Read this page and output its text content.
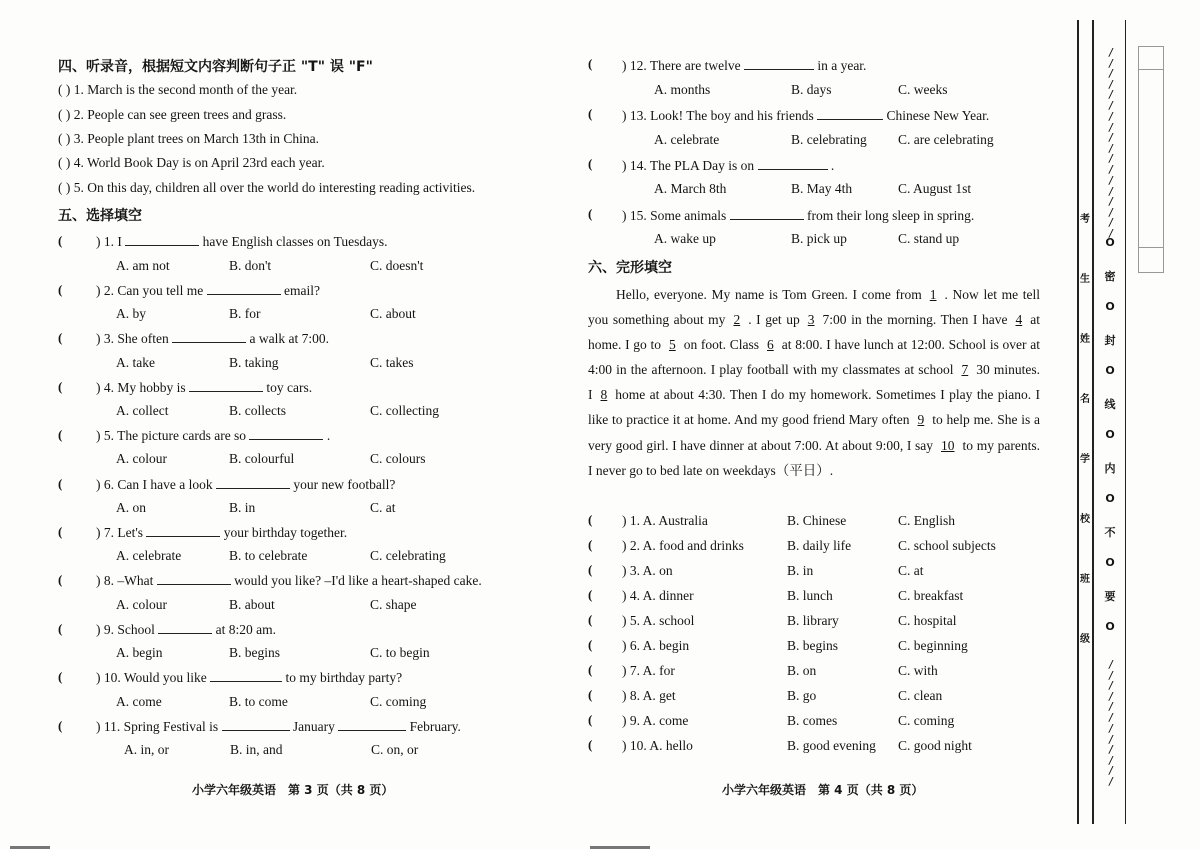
四、听录音，根据短文内容判断句子正 "T" 误 "F"
( ) 1. March is the second month of the year.
( ) 2. People can see green trees and grass.
( ) 3. People plant trees on March 13th in China.
( ) 4. World Book Day is on April 23rd each year.
( ) 5. On this day, children all over the world do interesting reading activities.
五、选择填空
( ) 1. I	have English classes on Tuesdays.
A. am not	B. don't	C. doesn't
( ) 2. Can you tell me	email?
A. by	B. for	C. about
( ) 3. She often	a walk at 7:00.
A. take	B. taking	C. takes
( ) 4. My hobby is	toy cars.
A. collect	B. collects	C. collecting
( ) 5. The picture cards are so	.
A. colour	B. colourful	C. colours
( ) 6. Can I have a look	your new football?
A. on	B. in	C. at
( ) 7. Let's	your birthday together.
A. celebrate	B. to celebrate	C. celebrating
( ) 8. –What	would you like? –I'd like a heart-shaped cake.
A. colour	B. about	C. shape
( ) 9. School	at 8:20 am.
A. begin	B. begins	C. to begin
( ) 10. Would you like	to my birthday party?
A. come	B. to come	C. coming
( ) 11. Spring Festival is	January	February.
A. in, or	B. in, and	C. on, or
小学六年级英语　第 3 页（共 8 页）
( ) 12. There are twelve	in a year.
A. months	B. days	C. weeks
( ) 13. Look! The boy and his friends	Chinese New Year.
A. celebrate	B. celebrating C. are celebrating
( ) 14. The PLA Day is on	.
A. March 8th	B. May 4th	C. August 1st
( ) 15. Some animals	from their long sleep in spring.
A. wake up	B. pick up	C. stand up
六、完形填空

Hello, everyone. My name is Tom Green. I come from 1 . Now let me tell you something about my 2 . I get up 3 7:00 in the morning. Then I have 4 at home. I go to 5 on foot. Class 6 at 8:00. I have lunch at 12:00. School is over at 4:00 in the afternoon. I play football with my classmates at school 7 30 minutes. I 8 home at about 4:30. Then I do my homework. Sometimes I play the piano. I like to practice it at home. And my good friend Mary often 9 to help me. She is a very good girl. I have dinner at about 7:00. At about 9:00, I say 10 to my parents. I never go to bed late on weekdays（平日）.

( ) 1. A. Australia	B. Chinese	C. English
( ) 2. A. food and drinks	B. daily life	C. school subjects
( ) 3. A. on	B. in	C. at
( ) 4. A. dinner	B. lunch	C. breakfast
( ) 5. A. school	B. library	C. hospital
( ) 6. A. begin	B. begins	C. beginning
( ) 7. A. for	B. on	C. with
( ) 8. A. get	B. go	C. clean
( ) 9. A. come	B. comes	C. coming
( ) 10. A. hello	B. good evening C. good night
小学六年级英语　第 4 页（共 8 页）
/ / / / / /
/ / / / / /
/ / / / / /
/ / / / / /
/ / / / / /
O
密
O
封
O
线
O
内
O
不
O
要
O
考
生
姓
名
学
校
班
级
